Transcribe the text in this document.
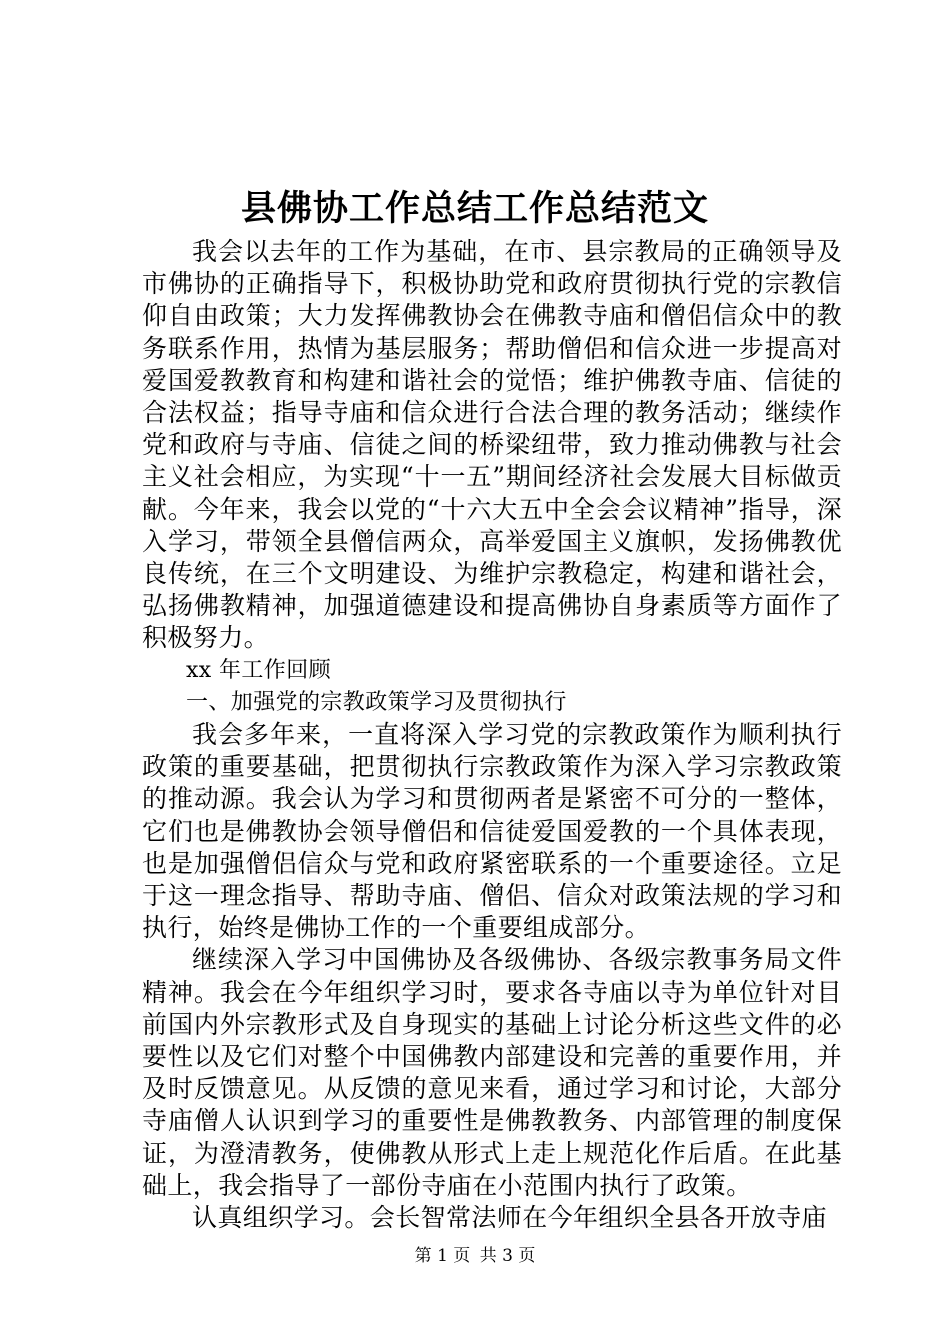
县佛协工作总结工作总结范文

我会以去年的工作为基础，在市、县宗教局的正确领导及市佛协的正确指导下，积极协助党和政府贯彻执行党的宗教信仰自由政策；大力发挥佛教协会在佛教寺庙和僧侣信众中的教务联系作用，热情为基层服务；帮助僧侣和信众进一步提高对爱国爱教教育和构建和谐社会的觉悟；维护佛教寺庙、信徒的合法权益；指导寺庙和信众进行合法合理的教务活动；继续作党和政府与寺庙、信徒之间的桥梁纽带，致力推动佛教与社会主义社会相应，为实现“十一五”期间经济社会发展大目标做贡献。今年来，我会以党的“十六大五中全会会议精神”指导，深入学习，带领全县僧信两众，高举爱国主义旗帜，发扬佛教优良传统，在三个文明建设、为维护宗教稳定，构建和谐社会，弘扬佛教精神，加强道德建设和提高佛协自身素质等方面作了积极努力。

xx 年工作回顾

一、加强党的宗教政策学习及贯彻执行

我会多年来，一直将深入学习党的宗教政策作为顺利执行政策的重要基础，把贯彻执行宗教政策作为深入学习宗教政策的推动源。我会认为学习和贯彻两者是紧密不可分的一整体，它们也是佛教协会领导僧侣和信徒爱国爱教的一个具体表现，也是加强僧侣信众与党和政府紧密联系的一个重要途径。立足于这一理念指导、帮助寺庙、僧侣、信众对政策法规的学习和执行，始终是佛协工作的一个重要组成部分。

继续深入学习中国佛协及各级佛协、各级宗教事务局文件精神。我会在今年组织学习时，要求各寺庙以寺为单位针对目前国内外宗教形式及自身现实的基础上讨论分析这些文件的必要性以及它们对整个中国佛教内部建设和完善的重要作用，并及时反馈意见。从反馈的意见来看，通过学习和讨论，大部分寺庙僧人认识到学习的重要性是佛教教务、内部管理的制度保证，为澄清教务，使佛教从形式上走上规范化作后盾。在此基础上，我会指导了一部份寺庙在小范围内执行了政策。

认真组织学习。会长智常法师在今年组织全县各开放寺庙

第 1 页 共 3 页
